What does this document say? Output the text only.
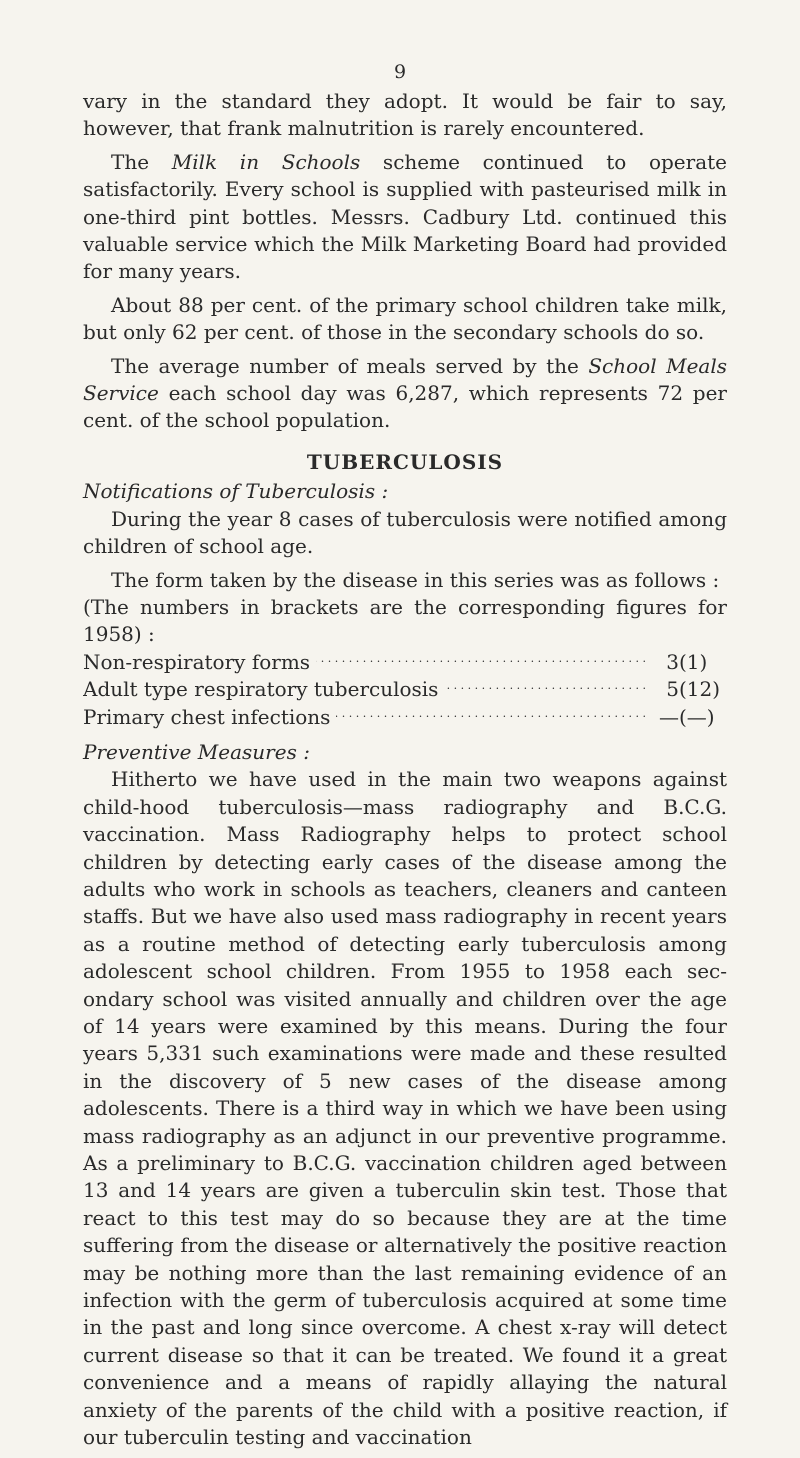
9

vary in the standard they adopt. It would be fair to say, however, that frank malnutrition is rarely encountered.

The Milk in Schools scheme continued to operate satisfactorily. Every school is supplied with pasteurised milk in one-third pint bottles. Messrs. Cadbury Ltd. continued this valuable service which the Milk Marketing Board had provided for many years.

About 88 per cent. of the primary school children take milk, but only 62 per cent. of those in the secondary schools do so.

The average number of meals served by the School Meals Service each school day was 6,287, which represents 72 per cent. of the school population.

TUBERCULOSIS

Notifications of Tuberculosis :

During the year 8 cases of tuberculosis were notified among children of school age.

The form taken by the disease in this series was as follows :

(The numbers in brackets are the corresponding figures for 1958) :

Non-respiratory forms . . .	3	(1)
Adult type respiratory tuberculosis . . .	5	(12)
Primary chest infections . . .	—	(—)

Preventive Measures :

Hitherto we have used in the main two weapons against child-hood tuberculosis—mass radiography and B.C.G. vaccination. Mass Radiography helps to protect school children by detecting early cases of the disease among the adults who work in schools as teachers, cleaners and canteen staffs. But we have also used mass radiography in recent years as a routine method of detecting early tuberculosis among adolescent school children. From 1955 to 1958 each sec-ondary school was visited annually and children over the age of 14 years were examined by this means. During the four years 5,331 such examinations were made and these resulted in the discovery of 5 new cases of the disease among adolescents. There is a third way in which we have been using mass radiography as an adjunct in our preventive programme. As a preliminary to B.C.G. vaccination children aged between 13 and 14 years are given a tuberculin skin test. Those that react to this test may do so because they are at the time suffering from the disease or alternatively the positive reaction may be nothing more than the last remaining evidence of an infection with the germ of tuberculosis acquired at some time in the past and long since overcome. A chest x-ray will detect current disease so that it can be treated. We found it a great convenience and a means of rapidly allaying the natural anxiety of the parents of the child with a positive reaction, if our tuberculin testing and vaccination
